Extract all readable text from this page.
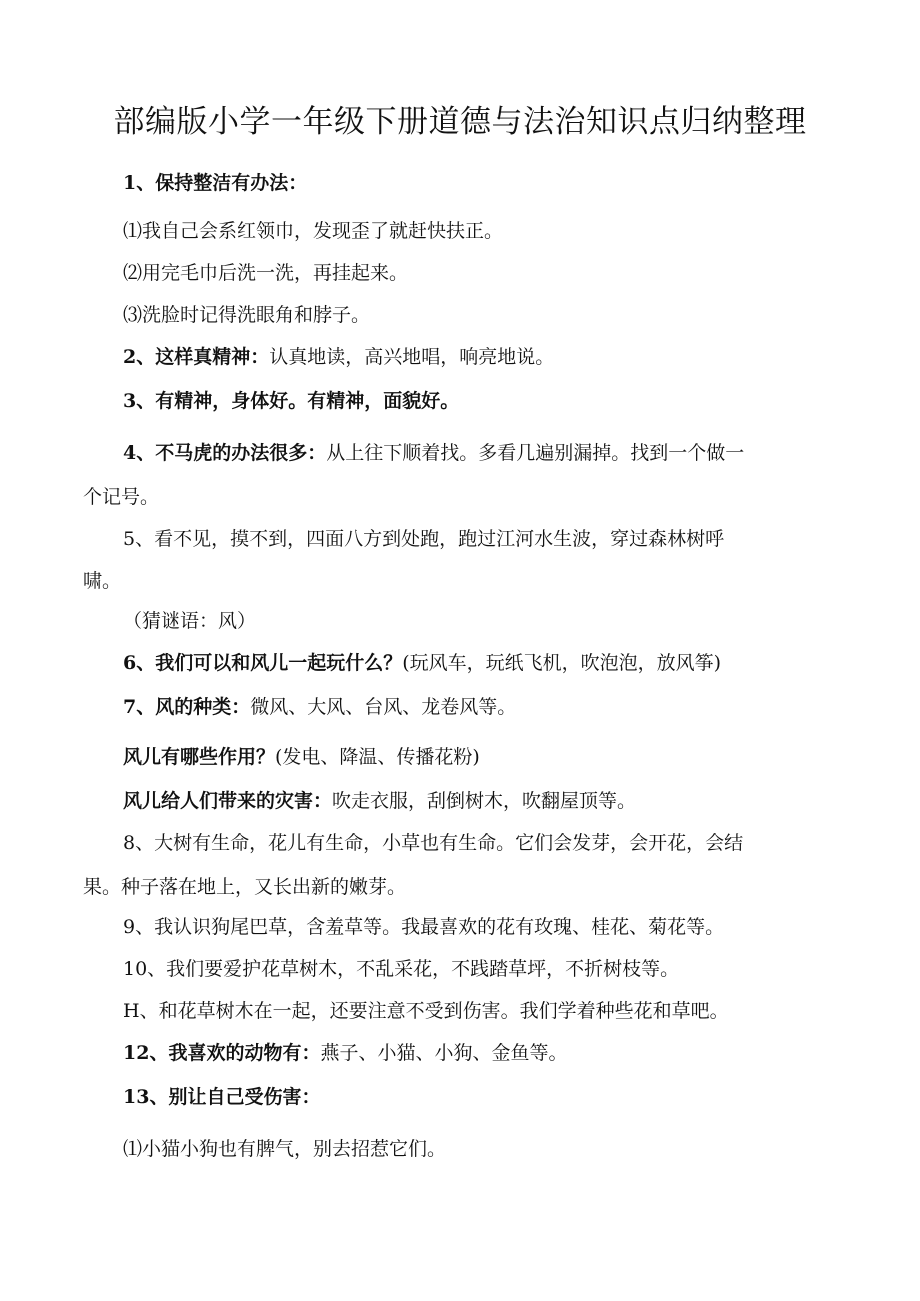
部编版小学一年级下册道德与法治知识点归纳整理

1、保持整洁有办法：

⑴我自己会系红领巾，发现歪了就赶快扶正。

⑵用完毛巾后洗一洗，再挂起来。

⑶洗脸时记得洗眼角和脖子。

2、这样真精神：认真地读，高兴地唱，响亮地说。

3、有精神，身体好。有精神，面貌好。

4、不马虎的办法很多：从上往下顺着找。多看几遍别漏掉。找到一个做一

个记号。

5、看不见，摸不到，四面八方到处跑，跑过江河水生波，穿过森林树呼

啸。

（猜谜语：风）

6、我们可以和风儿一起玩什么？(玩风车，玩纸飞机，吹泡泡，放风筝)

7、风的种类：微风、大风、台风、龙卷风等。

风儿有哪些作用？(发电、降温、传播花粉)

风儿给人们带来的灾害：吹走衣服，刮倒树木，吹翻屋顶等。

8、大树有生命，花儿有生命，小草也有生命。它们会发芽，会开花，会结

果。种子落在地上，又长出新的嫩芽。

9、我认识狗尾巴草，含羞草等。我最喜欢的花有玫瑰、桂花、菊花等。

10、我们要爱护花草树木，不乱采花，不践踏草坪，不折树枝等。

H、和花草树木在一起，还要注意不受到伤害。我们学着种些花和草吧。

12、我喜欢的动物有：燕子、小猫、小狗、金鱼等。

13、别让自己受伤害：

⑴小猫小狗也有脾气，别去招惹它们。
